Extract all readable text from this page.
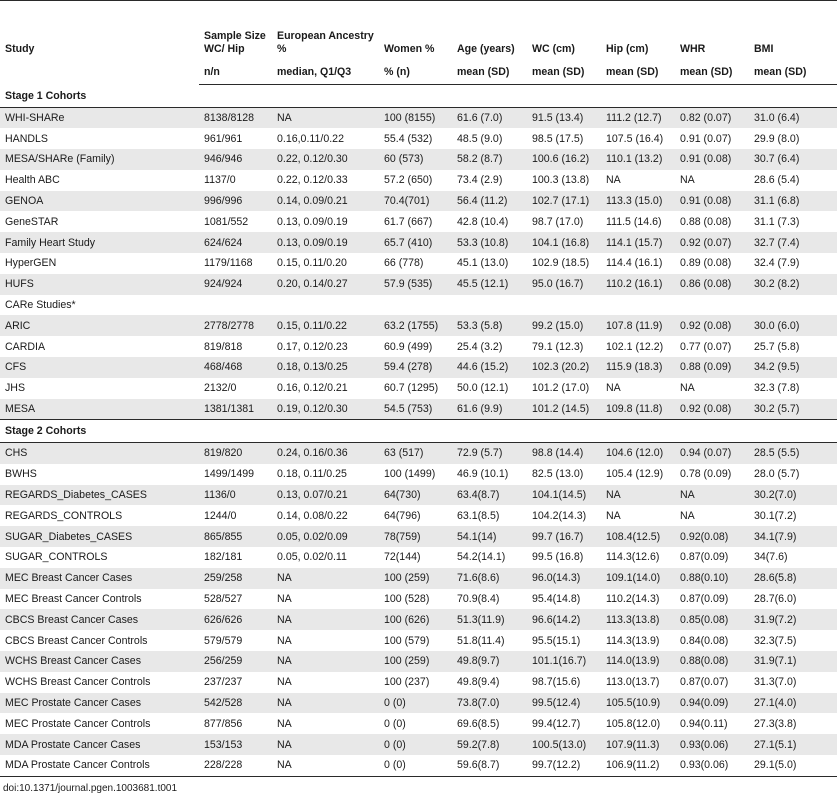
Study	Sample Size WC/ Hip	European Ancestry %	Women %	Age (years)	WC (cm)	Hip (cm)	WHR	BMI
	n/n	median, Q1/Q3	% (n)	mean (SD)	mean (SD)	mean (SD)	mean (SD)	mean (SD)
Stage 1 Cohorts								
WHI-SHARe	8138/8128	NA	100 (8155)	61.6 (7.0)	91.5 (13.4)	111.2 (12.7)	0.82 (0.07)	31.0 (6.4)
HANDLS	961/961	0.16,0.11/0.22	55.4 (532)	48.5 (9.0)	98.5 (17.5)	107.5 (16.4)	0.91 (0.07)	29.9 (8.0)
MESA/SHARe (Family)	946/946	0.22, 0.12/0.30	60 (573)	58.2 (8.7)	100.6 (16.2)	110.1 (13.2)	0.91 (0.08)	30.7 (6.4)
Health ABC	1137/0	0.22, 0.12/0.33	57.2 (650)	73.4 (2.9)	100.3 (13.8)	NA	NA	28.6 (5.4)
GENOA	996/996	0.14, 0.09/0.21	70.4(701)	56.4 (11.2)	102.7 (17.1)	113.3 (15.0)	0.91 (0.08)	31.1 (6.8)
GeneSTAR	1081/552	0.13, 0.09/0.19	61.7 (667)	42.8 (10.4)	98.7 (17.0)	111.5 (14.6)	0.88 (0.08)	31.1 (7.3)
Family Heart Study	624/624	0.13, 0.09/0.19	65.7 (410)	53.3 (10.8)	104.1 (16.8)	114.1 (15.7)	0.92 (0.07)	32.7 (7.4)
HyperGEN	1179/1168	0.15, 0.11/0.20	66 (778)	45.1 (13.0)	102.9 (18.5)	114.4 (16.1)	0.89 (0.08)	32.4 (7.9)
HUFS	924/924	0.20, 0.14/0.27	57.9 (535)	45.5 (12.1)	95.0 (16.7)	110.2 (16.1)	0.86 (0.08)	30.2 (8.2)
CARe Studies*								
ARIC	2778/2778	0.15, 0.11/0.22	63.2 (1755)	53.3 (5.8)	99.2 (15.0)	107.8 (11.9)	0.92 (0.08)	30.0 (6.0)
CARDIA	819/818	0.17, 0.12/0.23	60.9 (499)	25.4 (3.2)	79.1 (12.3)	102.1 (12.2)	0.77 (0.07)	25.7 (5.8)
CFS	468/468	0.18, 0.13/0.25	59.4 (278)	44.6 (15.2)	102.3 (20.2)	115.9 (18.3)	0.88 (0.09)	34.2 (9.5)
JHS	2132/0	0.16, 0.12/0.21	60.7 (1295)	50.0 (12.1)	101.2 (17.0)	NA	NA	32.3 (7.8)
MESA	1381/1381	0.19, 0.12/0.30	54.5 (753)	61.6 (9.9)	101.2 (14.5)	109.8 (11.8)	0.92 (0.08)	30.2 (5.7)
Stage 2 Cohorts								
CHS	819/820	0.24, 0.16/0.36	63 (517)	72.9 (5.7)	98.8 (14.4)	104.6 (12.0)	0.94 (0.07)	28.5 (5.5)
BWHS	1499/1499	0.18, 0.11/0.25	100 (1499)	46.9 (10.1)	82.5 (13.0)	105.4 (12.9)	0.78 (0.09)	28.0 (5.7)
REGARDS_Diabetes_CASES	1136/0	0.13, 0.07/0.21	64(730)	63.4(8.7)	104.1(14.5)	NA	NA	30.2(7.0)
REGARDS_CONTROLS	1244/0	0.14, 0.08/0.22	64(796)	63.1(8.5)	104.2(14.3)	NA	NA	30.1(7.2)
SUGAR_Diabetes_CASES	865/855	0.05, 0.02/0.09	78(759)	54.1(14)	99.7 (16.7)	108.4(12.5)	0.92(0.08)	34.1(7.9)
SUGAR_CONTROLS	182/181	0.05, 0.02/0.11	72(144)	54.2(14.1)	99.5 (16.8)	114.3(12.6)	0.87(0.09)	34(7.6)
MEC Breast Cancer Cases	259/258	NA	100 (259)	71.6(8.6)	96.0(14.3)	109.1(14.0)	0.88(0.10)	28.6(5.8)
MEC Breast Cancer Controls	528/527	NA	100 (528)	70.9(8.4)	95.4(14.8)	110.2(14.3)	0.87(0.09)	28.7(6.0)
CBCS Breast Cancer Cases	626/626	NA	100 (626)	51.3(11.9)	96.6(14.2)	113.3(13.8)	0.85(0.08)	31.9(7.2)
CBCS Breast Cancer Controls	579/579	NA	100 (579)	51.8(11.4)	95.5(15.1)	114.3(13.9)	0.84(0.08)	32.3(7.5)
WCHS Breast Cancer Cases	256/259	NA	100 (259)	49.8(9.7)	101.1(16.7)	114.0(13.9)	0.88(0.08)	31.9(7.1)
WCHS Breast Cancer Controls	237/237	NA	100 (237)	49.8(9.4)	98.7(15.6)	113.0(13.7)	0.87(0.07)	31.3(7.0)
MEC Prostate Cancer Cases	542/528	NA	0 (0)	73.8(7.0)	99.5(12.4)	105.5(10.9)	0.94(0.09)	27.1(4.0)
MEC Prostate Cancer Controls	877/856	NA	0 (0)	69.6(8.5)	99.4(12.7)	105.8(12.0)	0.94(0.11)	27.3(3.8)
MDA Prostate Cancer Cases	153/153	NA	0 (0)	59.2(7.8)	100.5(13.0)	107.9(11.3)	0.93(0.06)	27.1(5.1)
MDA Prostate Cancer Controls	228/228	NA	0 (0)	59.6(8.7)	99.7(12.2)	106.9(11.2)	0.93(0.06)	29.1(5.0)
doi:10.1371/journal.pgen.1003681.t001
